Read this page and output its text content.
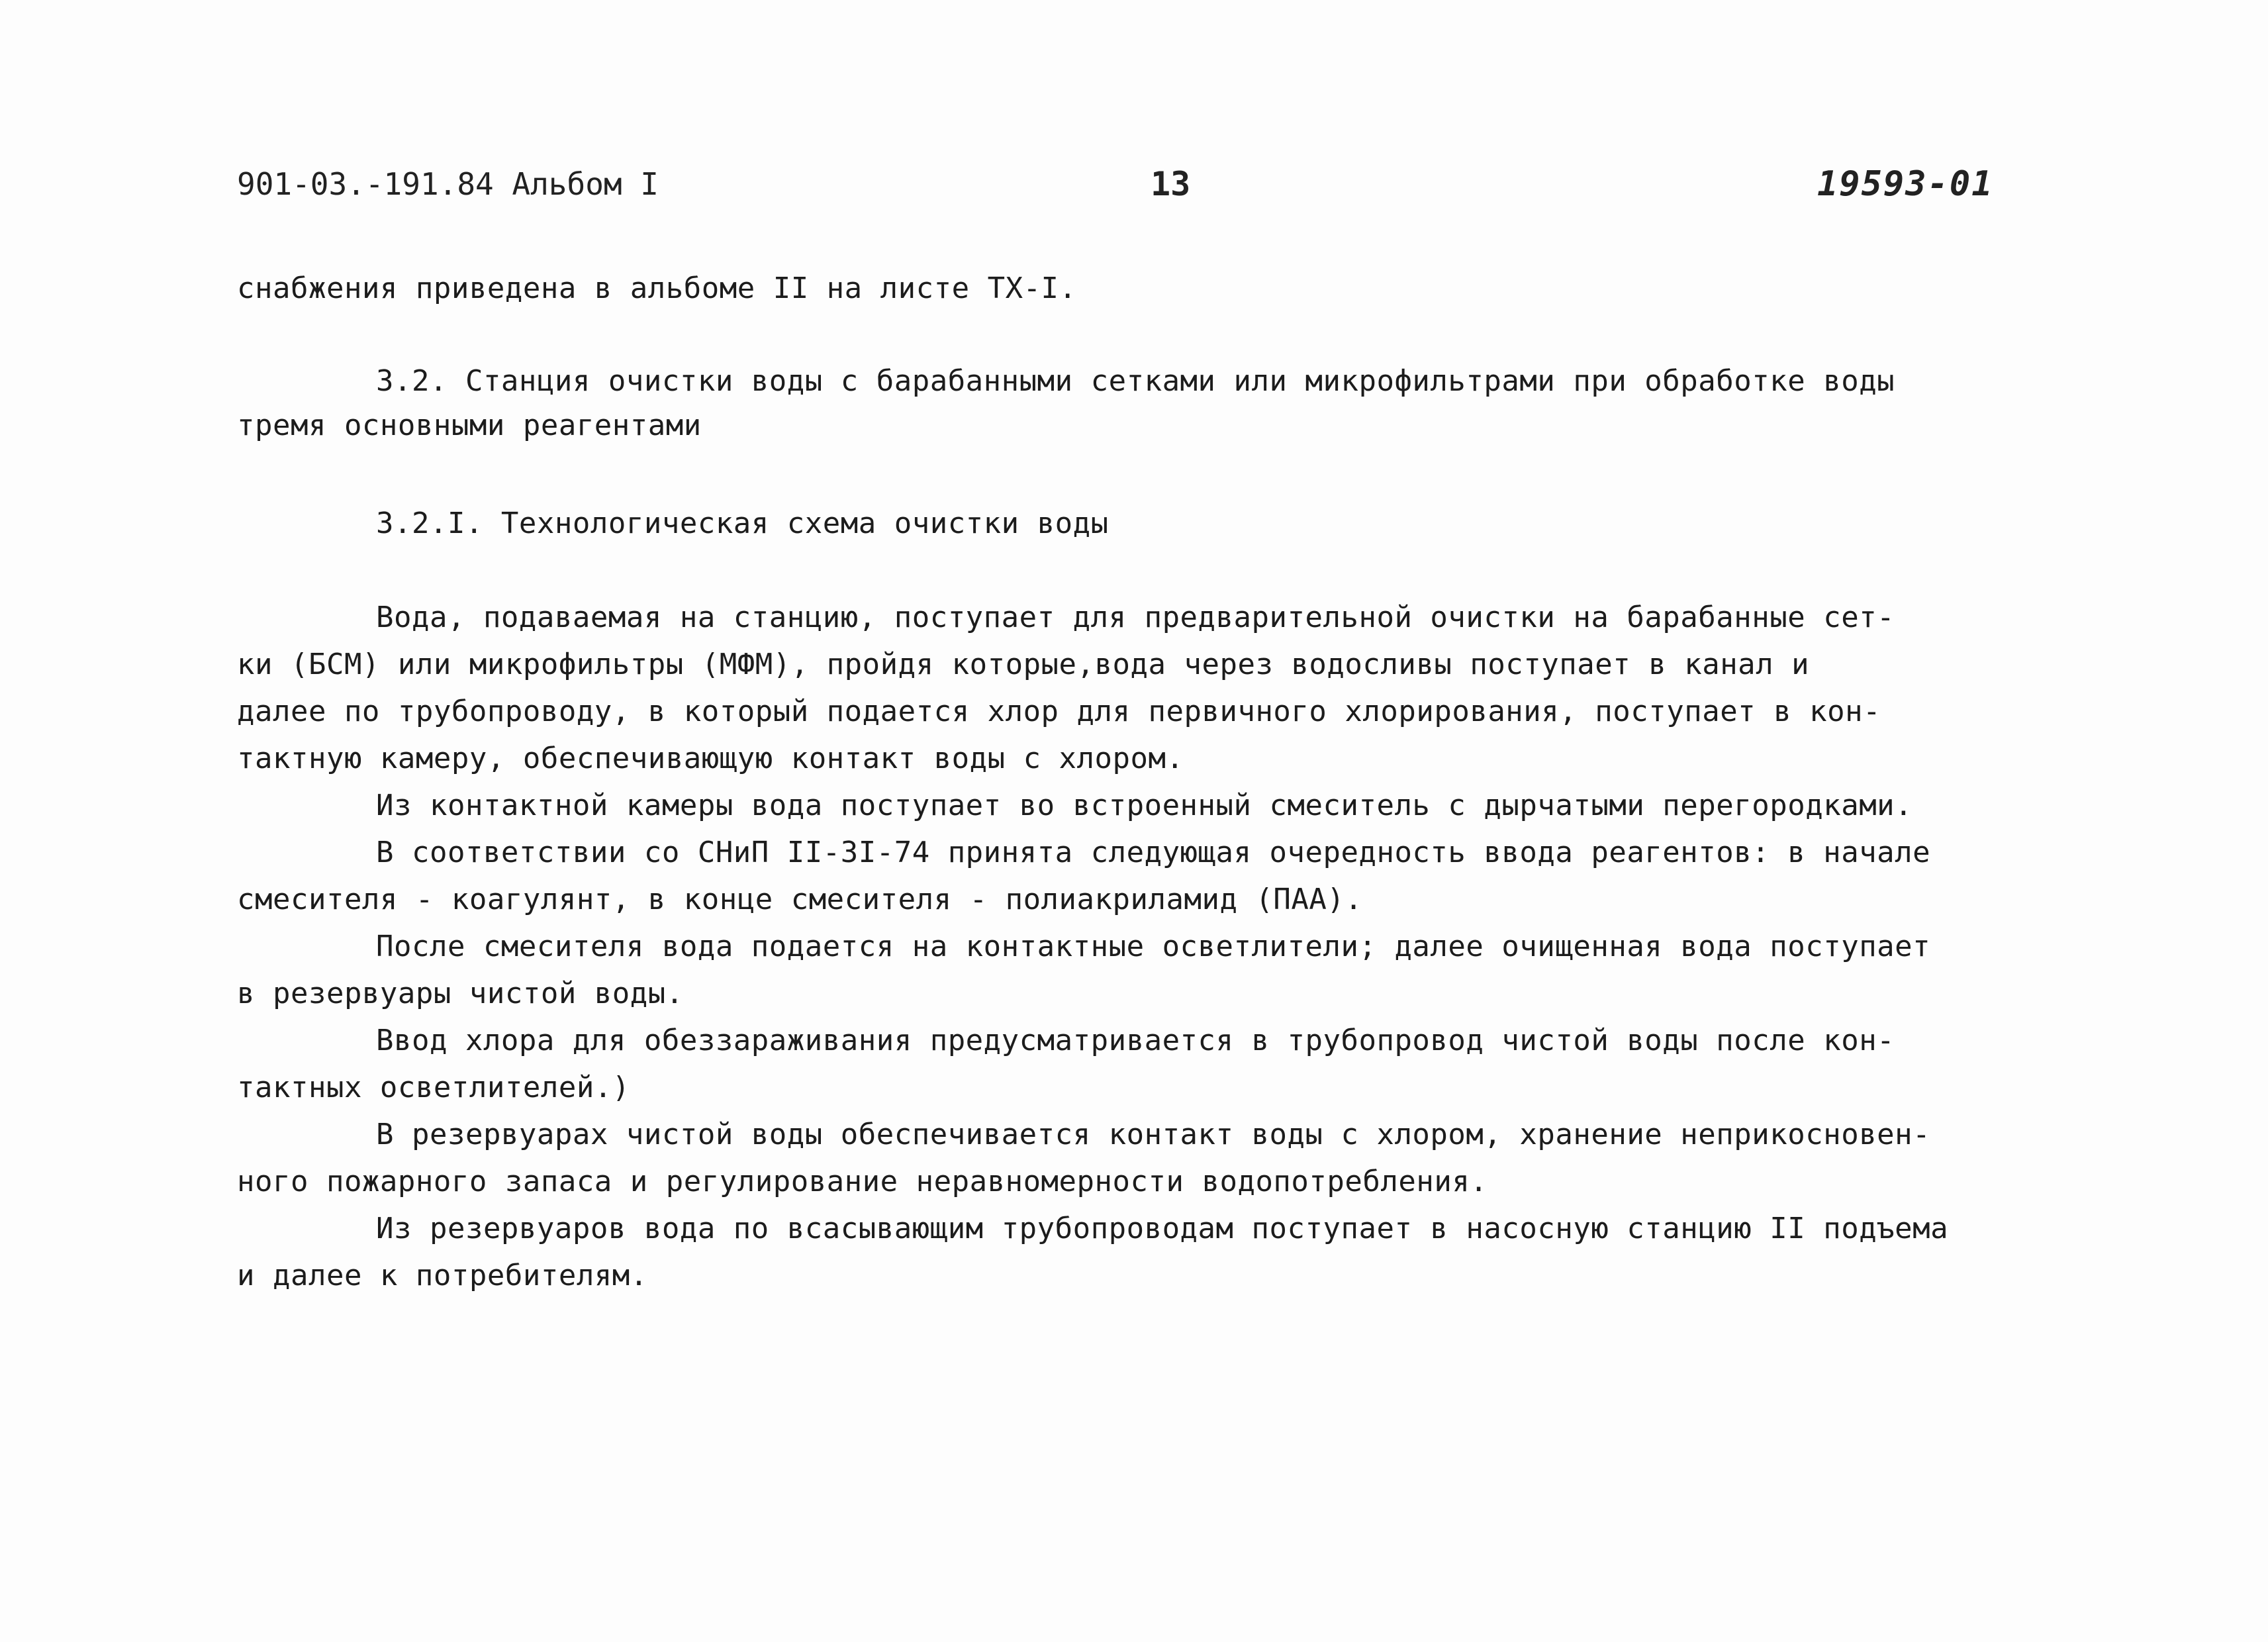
901-03.-191.84 Альбом I	13	19593-01
снабжения приведена в альбоме II на листе ТХ-I.
3.2. Станция очистки воды с барабанными сетками или микрофильтрами при обработке воды
тремя основными реагентами
3.2.I. Технологическая схема очистки воды
Вода, подаваемая на станцию, поступает для предварительной очистки на барабанные сет-
ки (БСМ) или микрофильтры (МФМ), пройдя которые,вода через водосливы поступает в канал и
далее по трубопроводу, в который подается хлор для первичного хлорирования, поступает в кон-
тактную камеру, обеспечивающую контакт воды с хлором.
Из контактной камеры вода поступает во встроенный смеситель с дырчатыми перегородками.
В соответствии со СНиП II-3I-74 принята следующая очередность ввода реагентов: в начале
смесителя - коагулянт, в конце смесителя - полиакриламид (ПАА).
После смесителя вода подается на контактные осветлители; далее очищенная вода поступает
в резервуары чистой воды.
Ввод хлора для обеззараживания предусматривается в трубопровод чистой воды после кон-
тактных осветлителей.)
В резервуарах чистой воды обеспечивается контакт воды с хлором, хранение неприкосновен-
ного пожарного запаса и регулирование неравномерности водопотребления.
Из резервуаров вода по всасывающим трубопроводам поступает в насосную станцию II подъема
и далее к потребителям.
